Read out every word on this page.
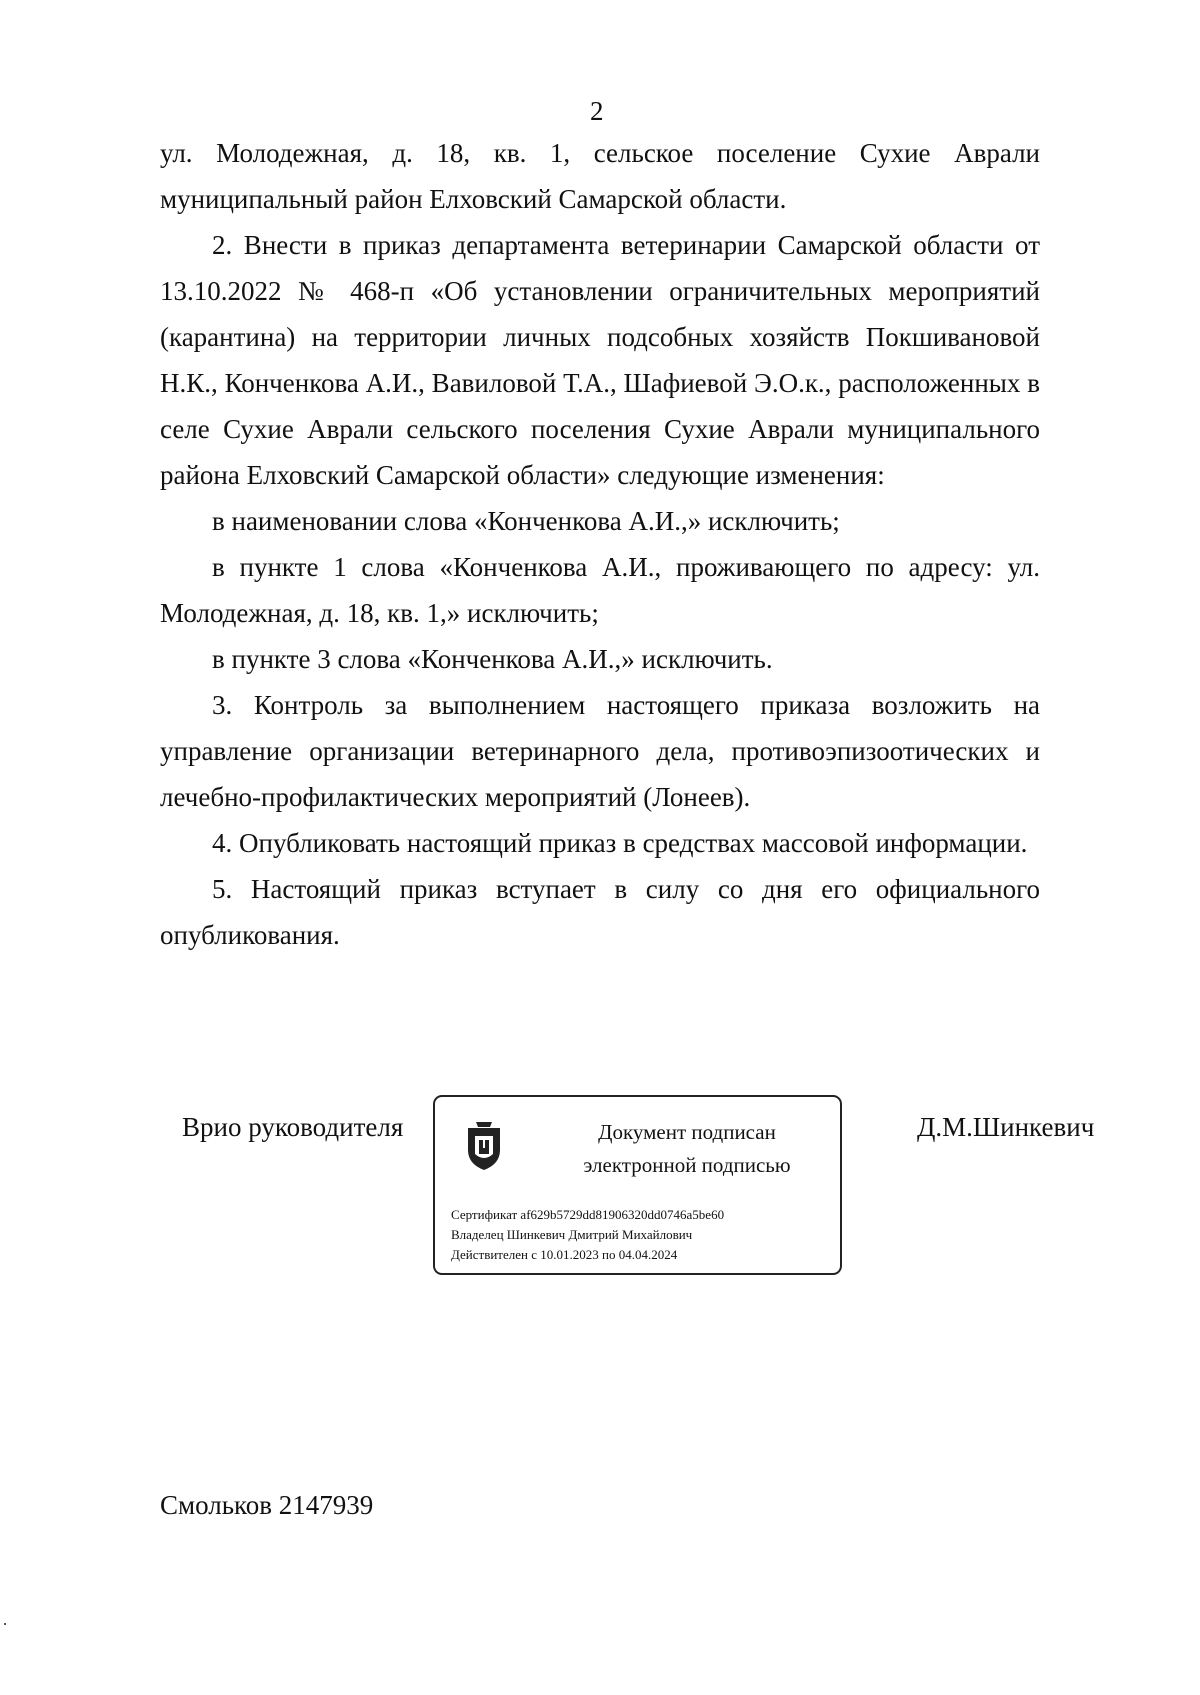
2

ул. Молодежная, д. 18, кв. 1, сельское поселение Сухие Аврали муниципальный район Елховский Самарской области.

2. Внести в приказ департамента ветеринарии Самарской области от 13.10.2022 № 468-п «Об установлении ограничительных мероприятий (карантина) на территории личных подсобных хозяйств Покшивановой Н.К., Конченкова А.И., Вавиловой Т.А., Шафиевой Э.О.к., расположенных в селе Сухие Аврали сельского поселения Сухие Аврали муниципального района Елховский Самарской области» следующие изменения:

в наименовании слова «Конченкова А.И.,» исключить;

в пункте 1 слова «Конченкова А.И., проживающего по адресу: ул. Молодежная, д. 18, кв. 1,» исключить;

в пункте 3 слова «Конченкова А.И.,» исключить.

3. Контроль за выполнением настоящего приказа возложить на управление организации ветеринарного дела, противоэпизоотических и лечебно-профилактических мероприятий (Лонеев).

4. Опубликовать настоящий приказ в средствах массовой информации.

5. Настоящий приказ вступает в силу со дня его официального опубликования.

Врио руководителя	Документ подписан
электронной подписью
Сертификат af629b5729dd81906320dd0746a5be60
Владелец Шинкевич Дмитрий Михайлович
Действителен с 10.01.2023 по 04.04.2024
Д.М.Шинкевич
Смольков 2147939
